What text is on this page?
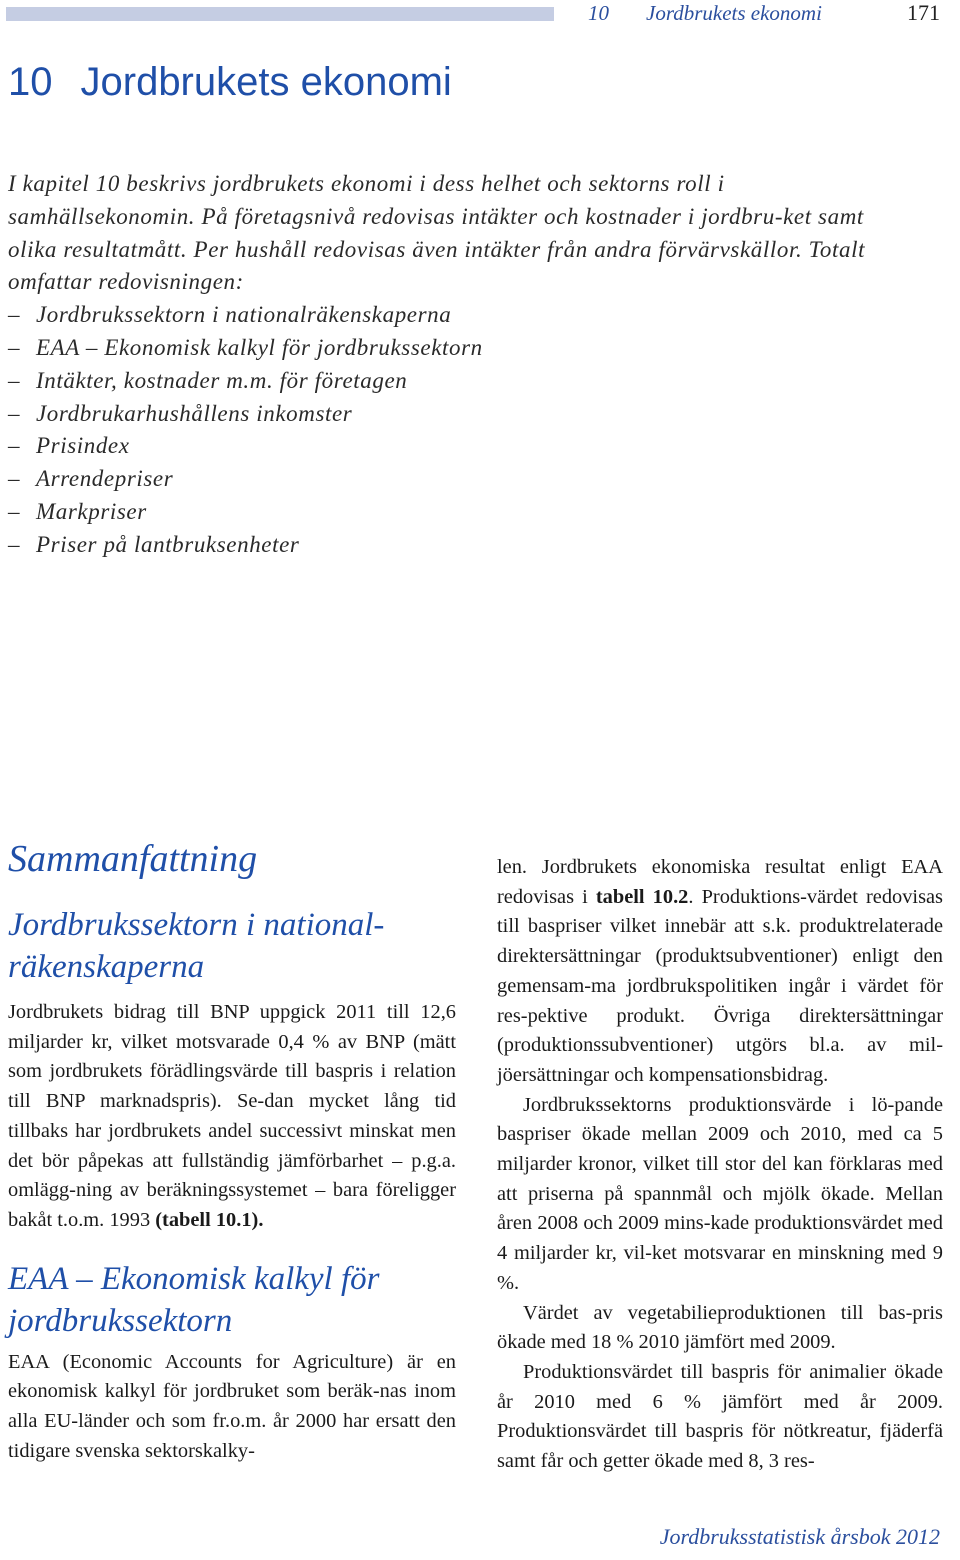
10 Jordbrukets ekonomi	171
10 Jordbrukets ekonomi

I kapitel 10 beskrivs jordbrukets ekonomi i dess helhet och sektorns roll i samhällsekonomin. På företagsnivå redovisas intäkter och kostnader i jordbru-ket samt olika resultatmått. Per hushåll redovisas även intäkter från andra förvärvskällor. Totalt omfattar redovisningen:

– Jordbrukssektorn i nationalräkenskaperna
– EAA – Ekonomisk kalkyl för jordbrukssektorn
– Intäkter, kostnader m.m. för företagen
– Jordbrukarhushållens inkomster
– Prisindex
– Arrendepriser
– Markpriser
– Priser på lantbruksenheter
Sammanfattning
Jordbrukssektorn i national-räkenskaperna

Jordbrukets bidrag till BNP uppgick 2011 till 12,6 miljarder kr, vilket motsvarade 0,4 % av BNP (mätt som jordbrukets förädlingsvärde till baspris i relation till BNP marknadspris). Se-dan mycket lång tid tillbaks har jordbrukets andel successivt minskat men det bör påpekas att fullständig jämförbarhet – p.g.a. omlägg-ning av beräkningssystemet – bara föreligger bakåt t.o.m. 1993 (tabell 10.1).

EAA – Ekonomisk kalkyl för jordbrukssektorn

EAA (Economic Accounts for Agriculture) är en ekonomisk kalkyl för jordbruket som beräk-nas inom alla EU-länder och som fr.o.m. år 2000 har ersatt den tidigare svenska sektorskalky-

len. Jordbrukets ekonomiska resultat enligt EAA redovisas i tabell 10.2. Produktions-värdet redovisas till baspriser vilket innebär att s.k. produktrelaterade direktersättningar (produktsubventioner) enligt den gemensam-ma jordbrukspolitiken ingår i värdet för res-pektive produkt. Övriga direktersättningar (produktionssubventioner) utgörs bl.a. av mil-jöersättningar och kompensationsbidrag.

Jordbrukssektorns produktionsvärde i lö-pande baspriser ökade mellan 2009 och 2010, med ca 5 miljarder kronor, vilket till stor del kan förklaras med att priserna på spannmål och mjölk ökade. Mellan åren 2008 och 2009 mins-kade produktionsvärdet med 4 miljarder kr, vil-ket motsvarar en minskning med 9 %.

Värdet av vegetabilieproduktionen till bas-pris ökade med 18 % 2010 jämfört med 2009.

Produktionsvärdet till baspris för animalier ökade år 2010 med 6 % jämfört med år 2009. Produktionsvärdet till baspris för nötkreatur, fjäderfä samt får och getter ökade med 8, 3 res-

Jordbruksstatistisk årsbok 2012
